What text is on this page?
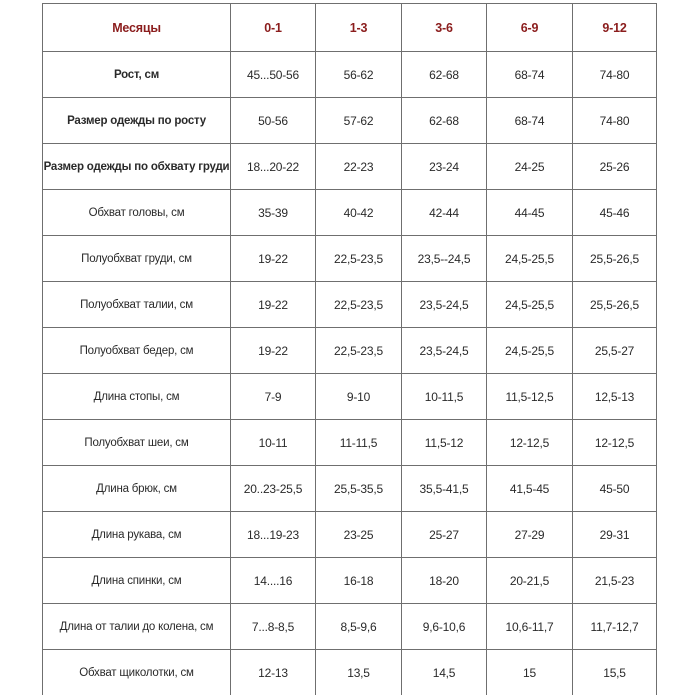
Месяцы	0-1	1-3	3-6	6-9	9-12
Рост, см	45...50-56	56-62	62-68	68-74	74-80
Размер одежды по росту	50-56	57-62	62-68	68-74	74-80
Размер одежды по обхвату груди	18...20-22	22-23	23-24	24-25	25-26
Обхват головы, см	35-39	40-42	42-44	44-45	45-46
Полуобхват груди, см	19-22	22,5-23,5	23,5--24,5	24,5-25,5	25,5-26,5
Полуобхват талии, см	19-22	22,5-23,5	23,5-24,5	24,5-25,5	25,5-26,5
Полуобхват бедер, см	19-22	22,5-23,5	23,5-24,5	24,5-25,5	25,5-27
Длина стопы, см	7-9	9-10	10-11,5	11,5-12,5	12,5-13
Полуобхват шеи, см	10-11	11-11,5	11,5-12	12-12,5	12-12,5
Длина брюк, см	20..23-25,5	25,5-35,5	35,5-41,5	41,5-45	45-50
Длина рукава, см	18...19-23	23-25	25-27	27-29	29-31
Длина спинки, см	14....16	16-18	18-20	20-21,5	21,5-23
Длина от талии до колена, см	7...8-8,5	8,5-9,6	9,6-10,6	10,6-11,7	11,7-12,7
Обхват щиколотки, см	12-13	13,5	14,5	15	15,5
